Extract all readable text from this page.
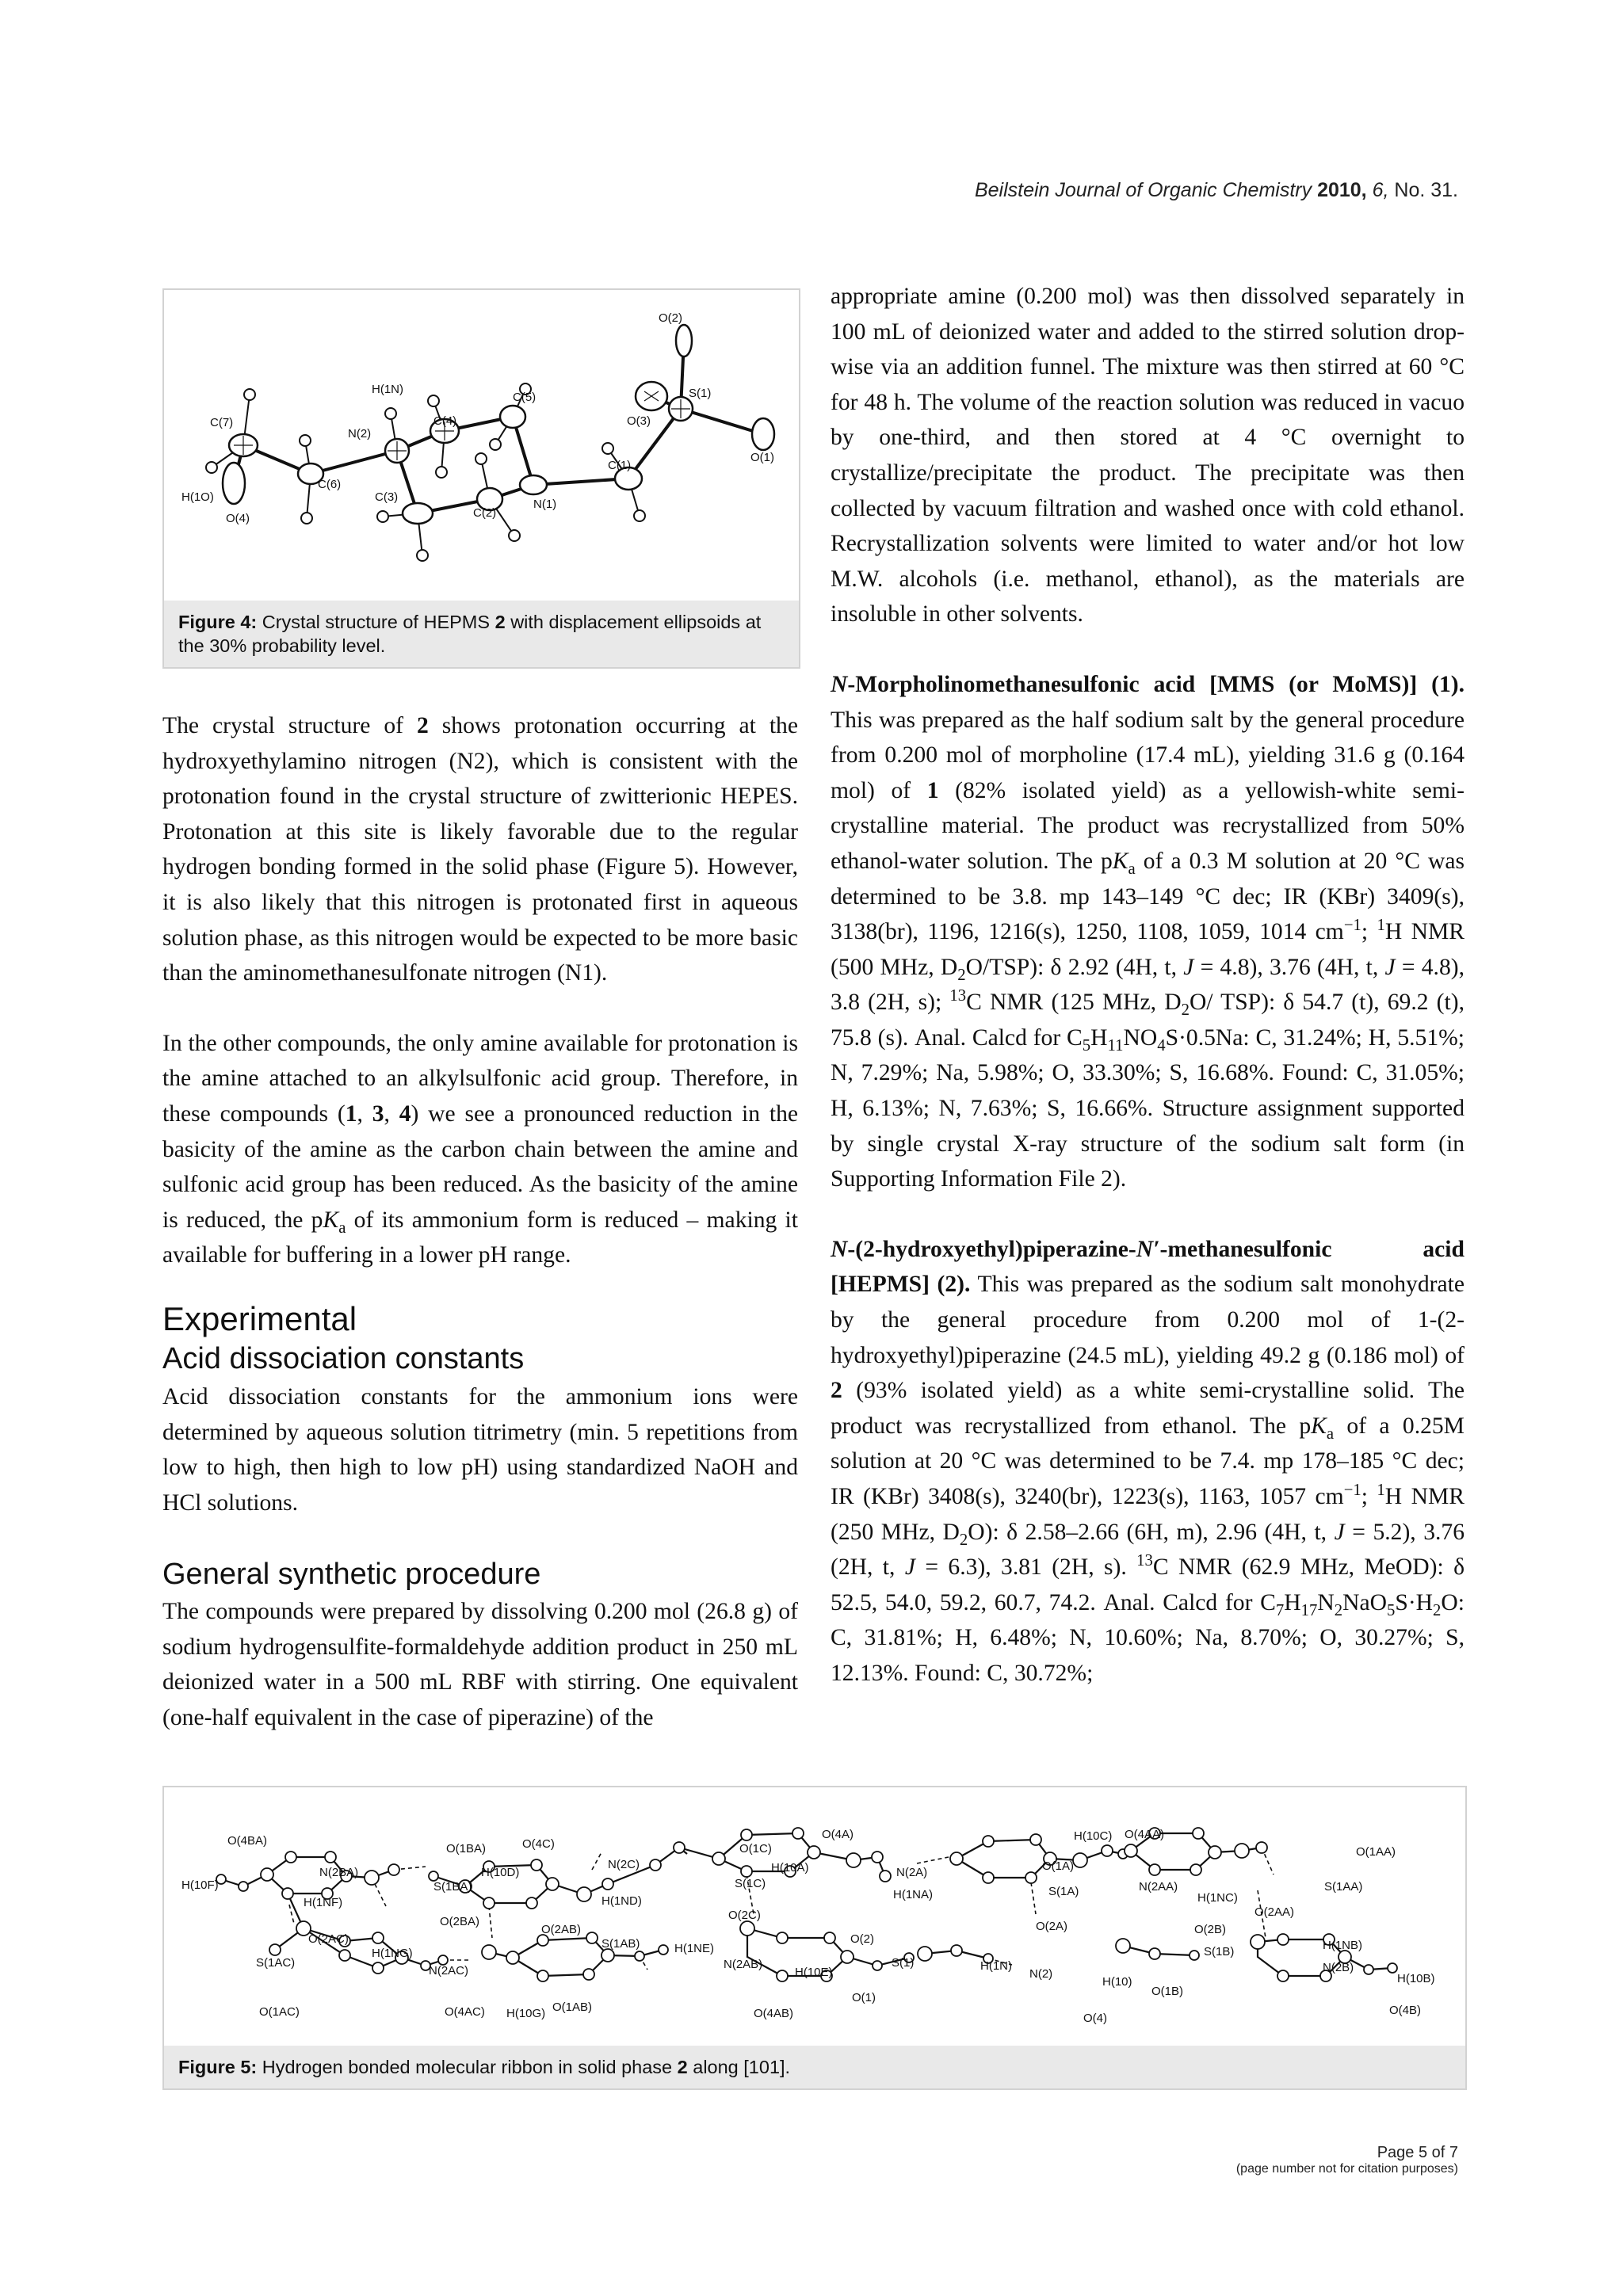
Beilstein Journal of Organic Chemistry 2010, 6, No. 31.
O(2)
S(1)
O(3)
O(1)
C(1)
N(1)
C(2)
C(5)
C(4)
H(1N)
N(2)
C(3)
C(6)
C(7)
H(1O)
O(4)
Figure 4: Crystal structure of HEPMS 2 with displacement ellipsoids at the 30% probability level.

The crystal structure of 2 shows protonation occurring at the hydroxyethylamino nitrogen (N2), which is consistent with the protonation found in the crystal structure of zwitterionic HEPES. Protonation at this site is likely favorable due to the regular hydrogen bonding formed in the solid phase (Figure 5). However, it is also likely that this nitrogen is protonated first in aqueous solution phase, as this nitrogen would be expected to be more basic than the aminomethanesulfonate nitrogen (N1).

In the other compounds, the only amine available for protonation is the amine attached to an alkylsulfonic acid group. Therefore, in these compounds (1, 3, 4) we see a pronounced reduction in the basicity of the amine as the carbon chain between the amine and sulfonic acid group has been reduced. As the basicity of the amine is reduced, the $pK_a$ of its ammonium form is reduced – making it available for buffering in a lower pH range.

Experimental
Acid dissociation constants

Acid dissociation constants for the ammonium ions were determined by aqueous solution titrimetry (min. 5 repetitions from low to high, then high to low pH) using standardized NaOH and HCl solutions.

General synthetic procedure

The compounds were prepared by dissolving 0.200 mol (26.8 g) of sodium hydrogensulfite-formaldehyde addition product in 250 mL deionized water in a 500 mL RBF with stirring. One equivalent (one-half equivalent in the case of piperazine) of the

appropriate amine (0.200 mol) was then dissolved separately in 100 mL of deionized water and added to the stirred solution drop-wise via an addition funnel. The mixture was then stirred at 60 °C for 48 h. The volume of the reaction solution was reduced in vacuo by one-third, and then stored at 4 °C overnight to crystallize/precipitate the product. The precipitate was then collected by vacuum filtration and washed once with cold ethanol. Recrystallization solvents were limited to water and/or hot low M.W. alcohols (i.e. methanol, ethanol), as the materials are insoluble in other solvents.

N-Morpholinomethanesulfonic acid [MMS (or MoMS)] (1). This was prepared as the half sodium salt by the general procedure from 0.200 mol of morpholine (17.4 mL), yielding 31.6 g (0.164 mol) of 1 (82% isolated yield) as a yellowish-white semi-crystalline material. The product was recrystallized from 50% ethanol-water solution. The $pK_a$ of a 0.3 M solution at 20 °C was determined to be 3.8. mp 143–149 °C dec; IR (KBr) 3409(s), 3138(br), 1196, 1216(s), 1250, 1108, 1059, 1014 $cm^{-1}$; $^1$H NMR (500 MHz, $D_2O/TSP$): δ 2.92 (4H, t, J = 4.8), 3.76 (4H, t, J = 4.8), 3.8 (2H, s); $^{13}$C NMR (125 MHz, $D_2O/$ TSP): δ 54.7 (t), 69.2 (t), 75.8 (s). Anal. Calcd for $C_5H_{11}NO_4S\cdot 0.5Na$: C, 31.24%; H, 5.51%; N, 7.29%; Na, 5.98%; O, 33.30%; S, 16.68%. Found: C, 31.05%; H, 6.13%; N, 7.63%; S, 16.66%. Structure assignment supported by single crystal X-ray structure of the sodium salt form (in Supporting Information File 2).

N-(2-hydroxyethyl)piperazine-N′-methanesulfonic acid [HEPMS] (2). This was prepared as the sodium salt monohydrate by the general procedure from 0.200 mol of 1-(2-hydroxyethyl)piperazine (24.5 mL), yielding 49.2 g (0.186 mol) of 2 (93% isolated yield) as a white semi-crystalline solid. The product was recrystallized from ethanol. The $pK_a$ of a 0.25M solution at 20 °C was determined to be 7.4. mp 178–185 °C dec; IR (KBr) 3408(s), 3240(br), 1223(s), 1163, 1057 $cm^{-1}$; $^1$H NMR (250 MHz, $D_2O$): δ 2.58–2.66 (6H, m), 2.96 (4H, t, J = 5.2), 3.76 (2H, t, J = 6.3), 3.81 (2H, s). $^{13}$C NMR (62.9 MHz, MeOD): δ 52.5, 54.0, 59.2, 60.7, 74.2. Anal. Calcd for $C_7H_{17}N_2NaO_5S\cdot H_2O$: C, 31.81%; H, 6.48%; N, 10.60%; Na, 8.70%; O, 30.27%; S, 12.13%. Found: C, 30.72%;

O(4BA)
H(10F)
N(2BA)
H(1NF)
O(2AC)
S(1AC)
O(1AC)
H(1NG)
O(1BA)
S(1BA)
O(2BA)
N(2AC)
O(4AC) H(10G) O(1AB)
O(4C)
H(10D)
H(1ND)
O(2AB)
N(2C)
S(1AB)	H(1NE)
O(1C)
S(1C)
O(2C)
N(2AB)
H(10E)
O(4AB)
O(4A)
H(10A)	N(2A)
H(1NA)
O(2)
S(1)
O(1)
H(1N)
O(1A)
S(1A)
O(2A)
N(2)
H(10)
O(4)
H(10C) O(4AA)
N(2AA)
H(1NC)
O(2B)
S(1B)
O(1B)
O(1AA)
S(1AA)
O(2AA)
H(1NB)
N(2B)
H(10B)
O(4B)
Figure 5: Hydrogen bonded molecular ribbon in solid phase 2 along [101].
Page 5 of 7
(page number not for citation purposes)
